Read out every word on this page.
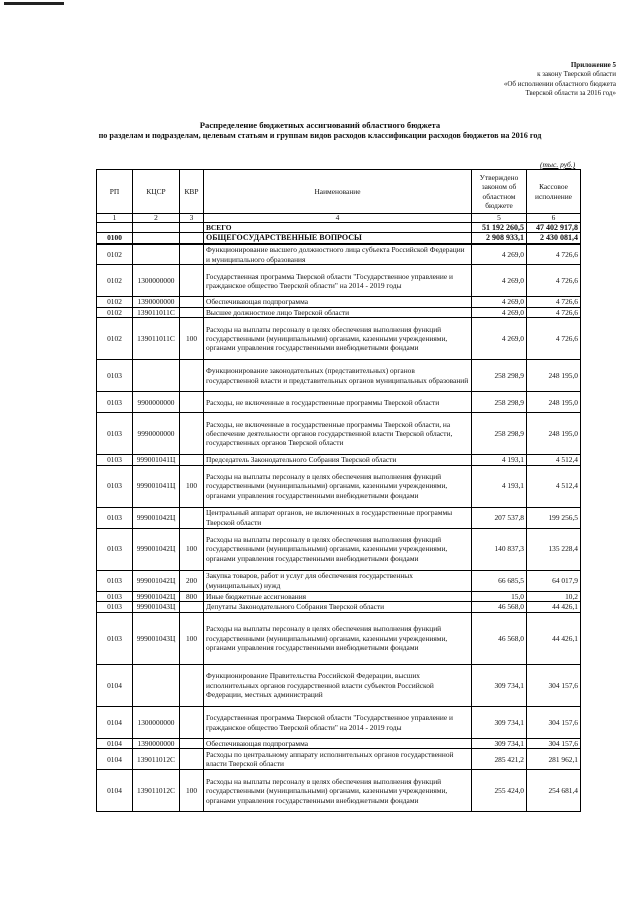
Приложение 5
к закону Тверской области
«Об исполнении областного бюджета
Тверской области за 2016 год»
Распределение бюджетных ассигнований областного бюджета
по разделам и подразделам, целевым статьям и группам видов расходов классификации расходов бюджетов на 2016 год
(тыс. руб.)
РП	КЦСР	КВР	Наименование	Утверждено законом об областном бюджете	Кассовое исполнение
1	2	3	4	5	6
			ВСЕГО	51 192 260,5	47 402 917,8
0100			ОБЩЕГОСУДАРСТВЕННЫЕ ВОПРОСЫ	2 908 933,1	2 430 081,4
0102			Функционирование высшего должностного лица субъекта Российской Федерации и муниципального образования	4 269,0	4 726,6
0102	1300000000		Государственная программа Тверской области "Государственное управление и гражданское общество Тверской области" на 2014 - 2019 годы	4 269,0	4 726,6
0102	1390000000		Обеспечивающая подпрограмма	4 269,0	4 726,6
0102	139011011С		Высшее должностное лицо Тверской области	4 269,0	4 726,6
0102	139011011С	100	Расходы на выплаты персоналу в целях обеспечения выполнения функций государственными (муниципальными) органами, казенными учреждениями, органами управления государственными внебюджетными фондами	4 269,0	4 726,6
0103			Функционирование законодательных (представительных) органов государственной власти и представительных органов муниципальных образований	258 298,9	248 195,0
0103	9900000000		Расходы, не включенные в государственные программы Тверской области	258 298,9	248 195,0
0103	9990000000		Расходы, не включенные в государственные программы Тверской области, на обеспечение деятельности органов государственной власти Тверской области, государственных органов Тверской области	258 298,9	248 195,0
0103	999001041Ц		Председатель Законодательного Собрания Тверской области	4 193,1	4 512,4
0103	999001041Ц	100	Расходы на выплаты персоналу в целях обеспечения выполнения функций государственными (муниципальными) органами, казенными учреждениями, органами управления государственными внебюджетными фондами	4 193,1	4 512,4
0103	999001042Ц		Центральный аппарат органов, не включенных в государственные программы Тверской области	207 537,8	199 256,5
0103	999001042Ц	100	Расходы на выплаты персоналу в целях обеспечения выполнения функций государственными (муниципальными) органами, казенными учреждениями, органами управления государственными внебюджетными фондами	140 837,3	135 228,4
0103	999001042Ц	200	Закупка товаров, работ и услуг для обеспечения государственных (муниципальных) нужд	66 685,5	64 017,9
0103	999001042Ц	800	Иные бюджетные ассигнования	15,0	10,2
0103	999001043Ц		Депутаты Законодательного Собрания Тверской области	46 568,0	44 426,1
0103	999001043Ц	100	Расходы на выплаты персоналу в целях обеспечения выполнения функций государственными (муниципальными) органами, казенными учреждениями, органами управления государственными внебюджетными фондами	46 568,0	44 426,1
0104			Функционирование Правительства Российской Федерации, высших исполнительных органов государственной власти субъектов Российской Федерации, местных администраций	309 734,1	304 157,6
0104	1300000000		Государственная программа Тверской области "Государственное управление и гражданское общество Тверской области" на 2014 - 2019 годы	309 734,1	304 157,6
0104	1390000000		Обеспечивающая подпрограмма	309 734,1	304 157,6
0104	139011012С		Расходы по центральному аппарату исполнительных органов государственной власти Тверской области	285 421,2	281 962,1
0104	139011012С	100	Расходы на выплаты персоналу в целях обеспечения выполнения функций государственными (муниципальными) органами, казенными учреждениями, органами управления государственными внебюджетными фондами	255 424,0	254 681,4
